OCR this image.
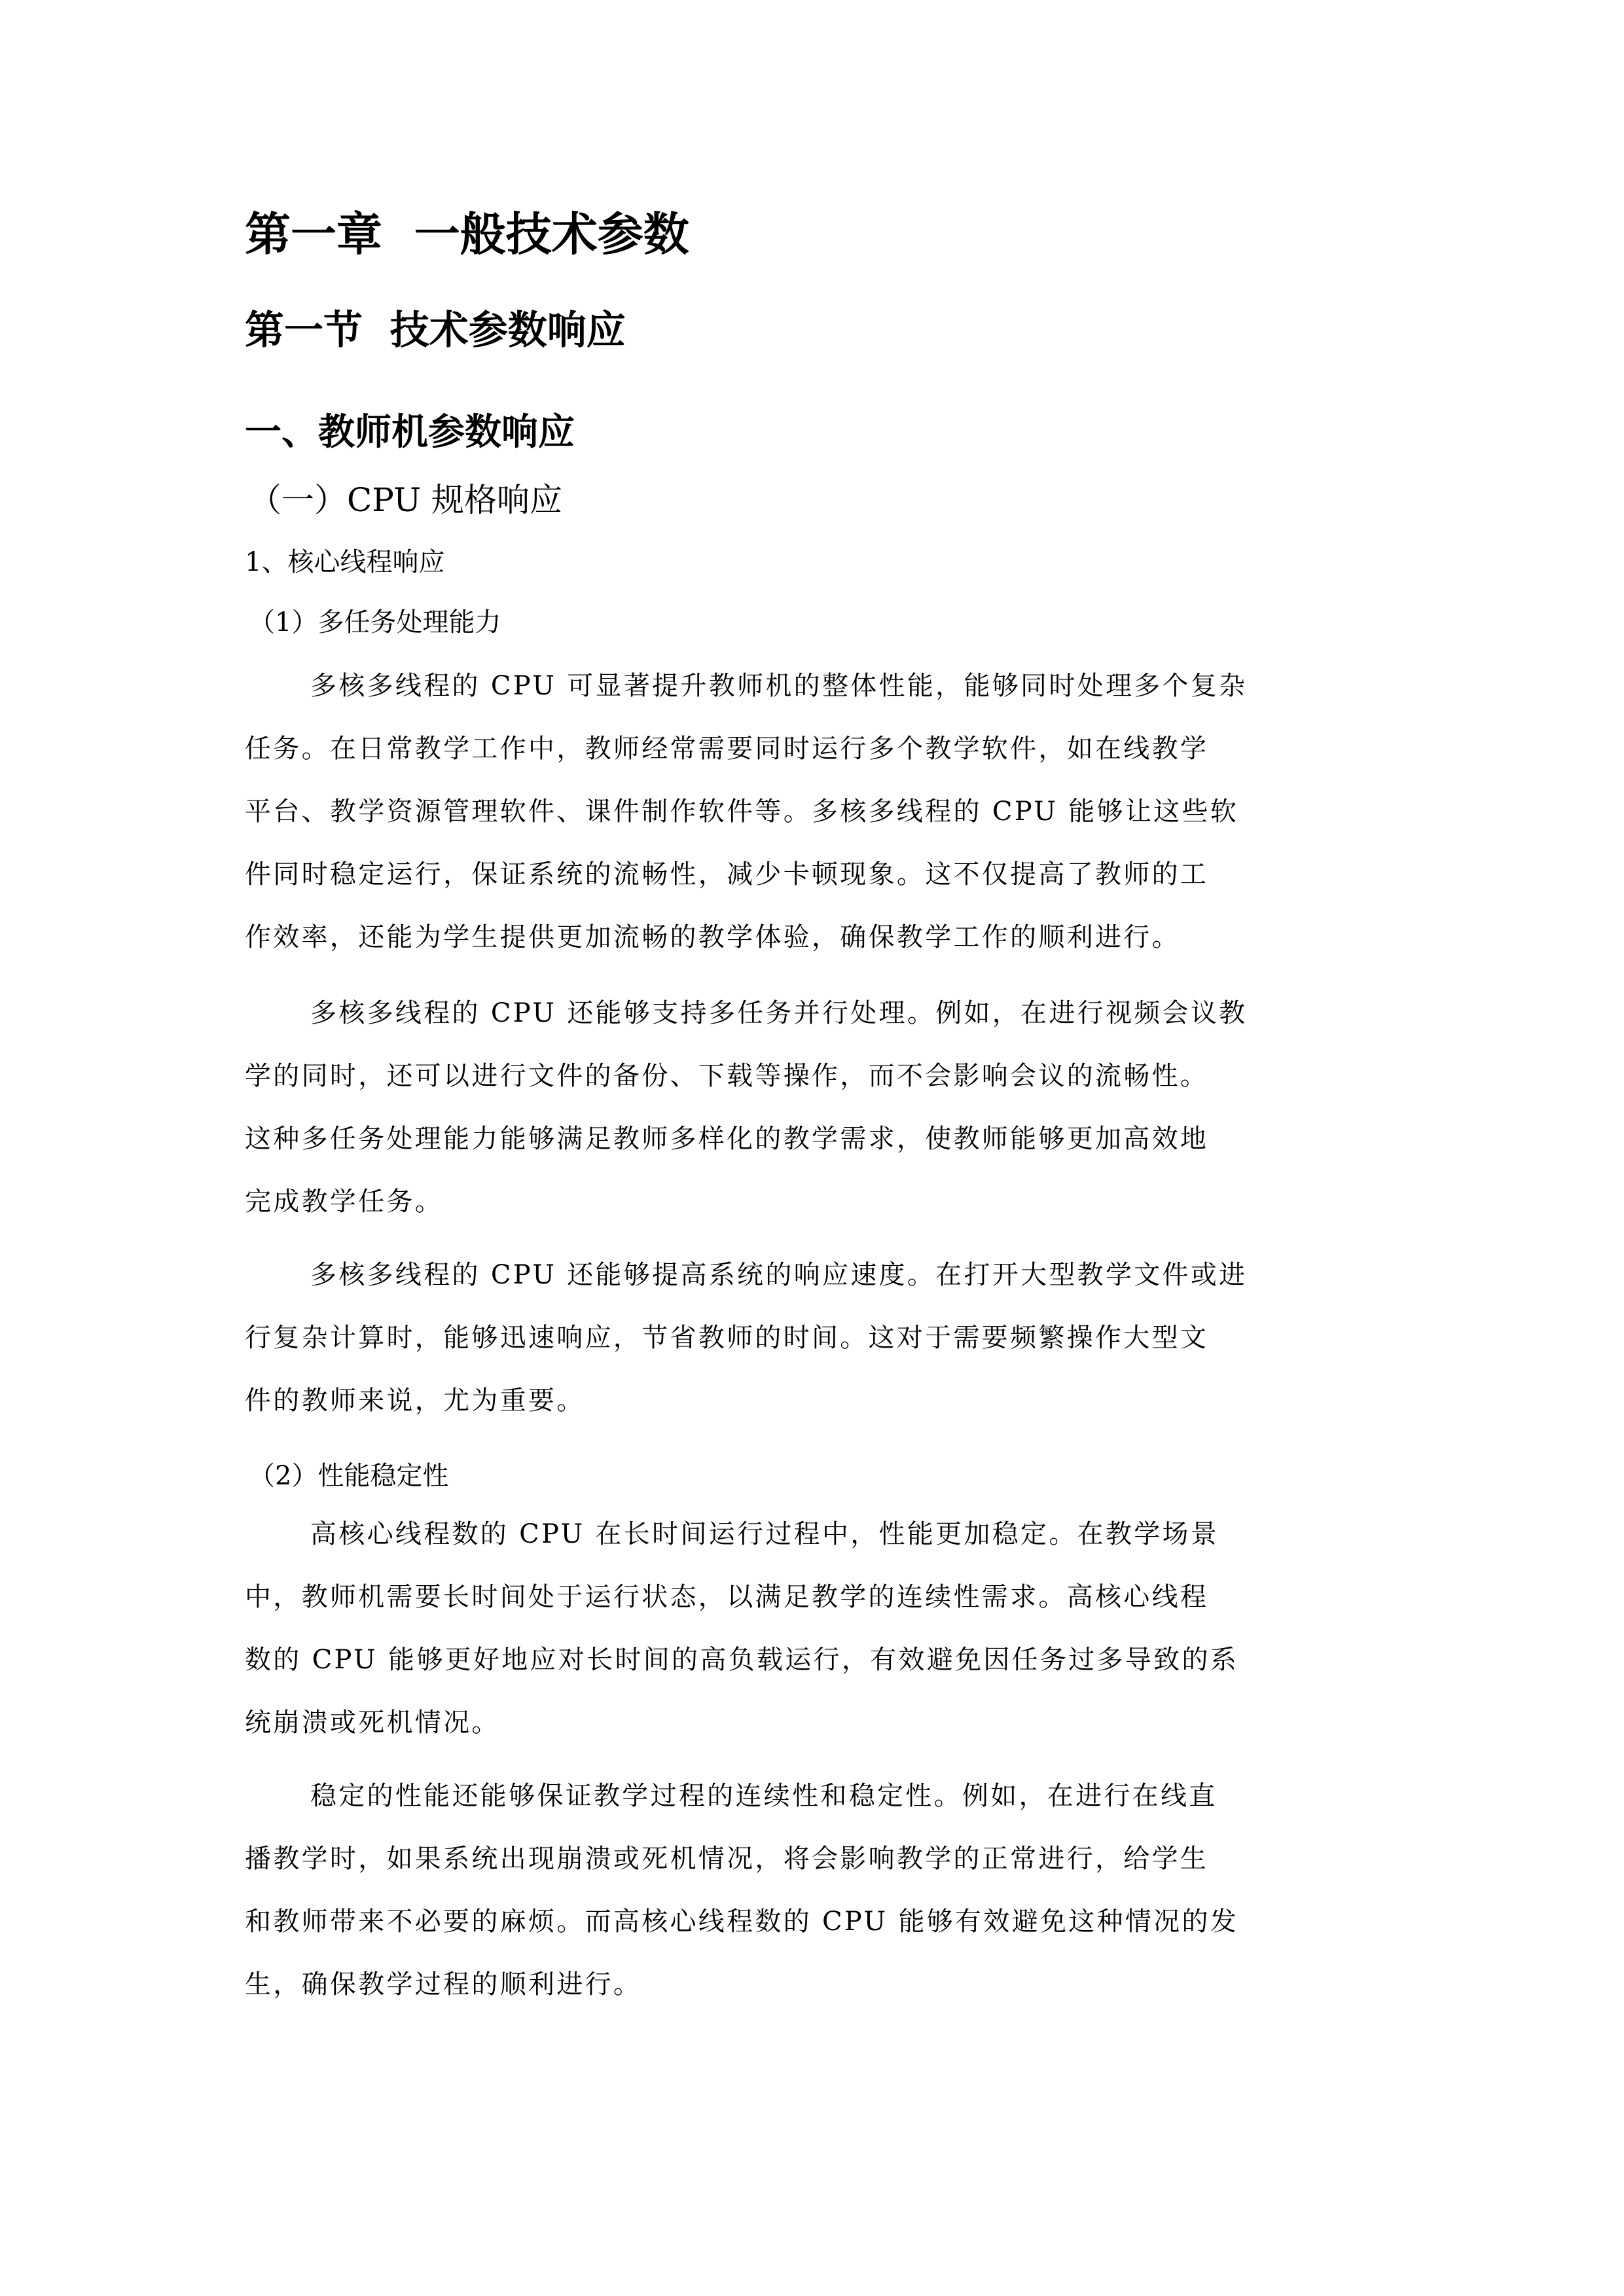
第一章  一般技术参数
第一节  技术参数响应
一、教师机参数响应
（一）CPU 规格响应
1、核心线程响应
（1）多任务处理能力
多核多线程的 CPU 可显著提升教师机的整体性能，能够同时处理多个复杂
任务。在日常教学工作中，教师经常需要同时运行多个教学软件，如在线教学
平台、教学资源管理软件、课件制作软件等。多核多线程的 CPU 能够让这些软
件同时稳定运行，保证系统的流畅性，减少卡顿现象。这不仅提高了教师的工
作效率，还能为学生提供更加流畅的教学体验，确保教学工作的顺利进行。
多核多线程的 CPU 还能够支持多任务并行处理。例如，在进行视频会议教
学的同时，还可以进行文件的备份、下载等操作，而不会影响会议的流畅性。
这种多任务处理能力能够满足教师多样化的教学需求，使教师能够更加高效地
完成教学任务。
多核多线程的 CPU 还能够提高系统的响应速度。在打开大型教学文件或进
行复杂计算时，能够迅速响应，节省教师的时间。这对于需要频繁操作大型文
件的教师来说，尤为重要。
（2）性能稳定性
高核心线程数的 CPU 在长时间运行过程中，性能更加稳定。在教学场景
中，教师机需要长时间处于运行状态，以满足教学的连续性需求。高核心线程
数的 CPU 能够更好地应对长时间的高负载运行，有效避免因任务过多导致的系
统崩溃或死机情况。
稳定的性能还能够保证教学过程的连续性和稳定性。例如，在进行在线直
播教学时，如果系统出现崩溃或死机情况，将会影响教学的正常进行，给学生
和教师带来不必要的麻烦。而高核心线程数的 CPU 能够有效避免这种情况的发
生，确保教学过程的顺利进行。
